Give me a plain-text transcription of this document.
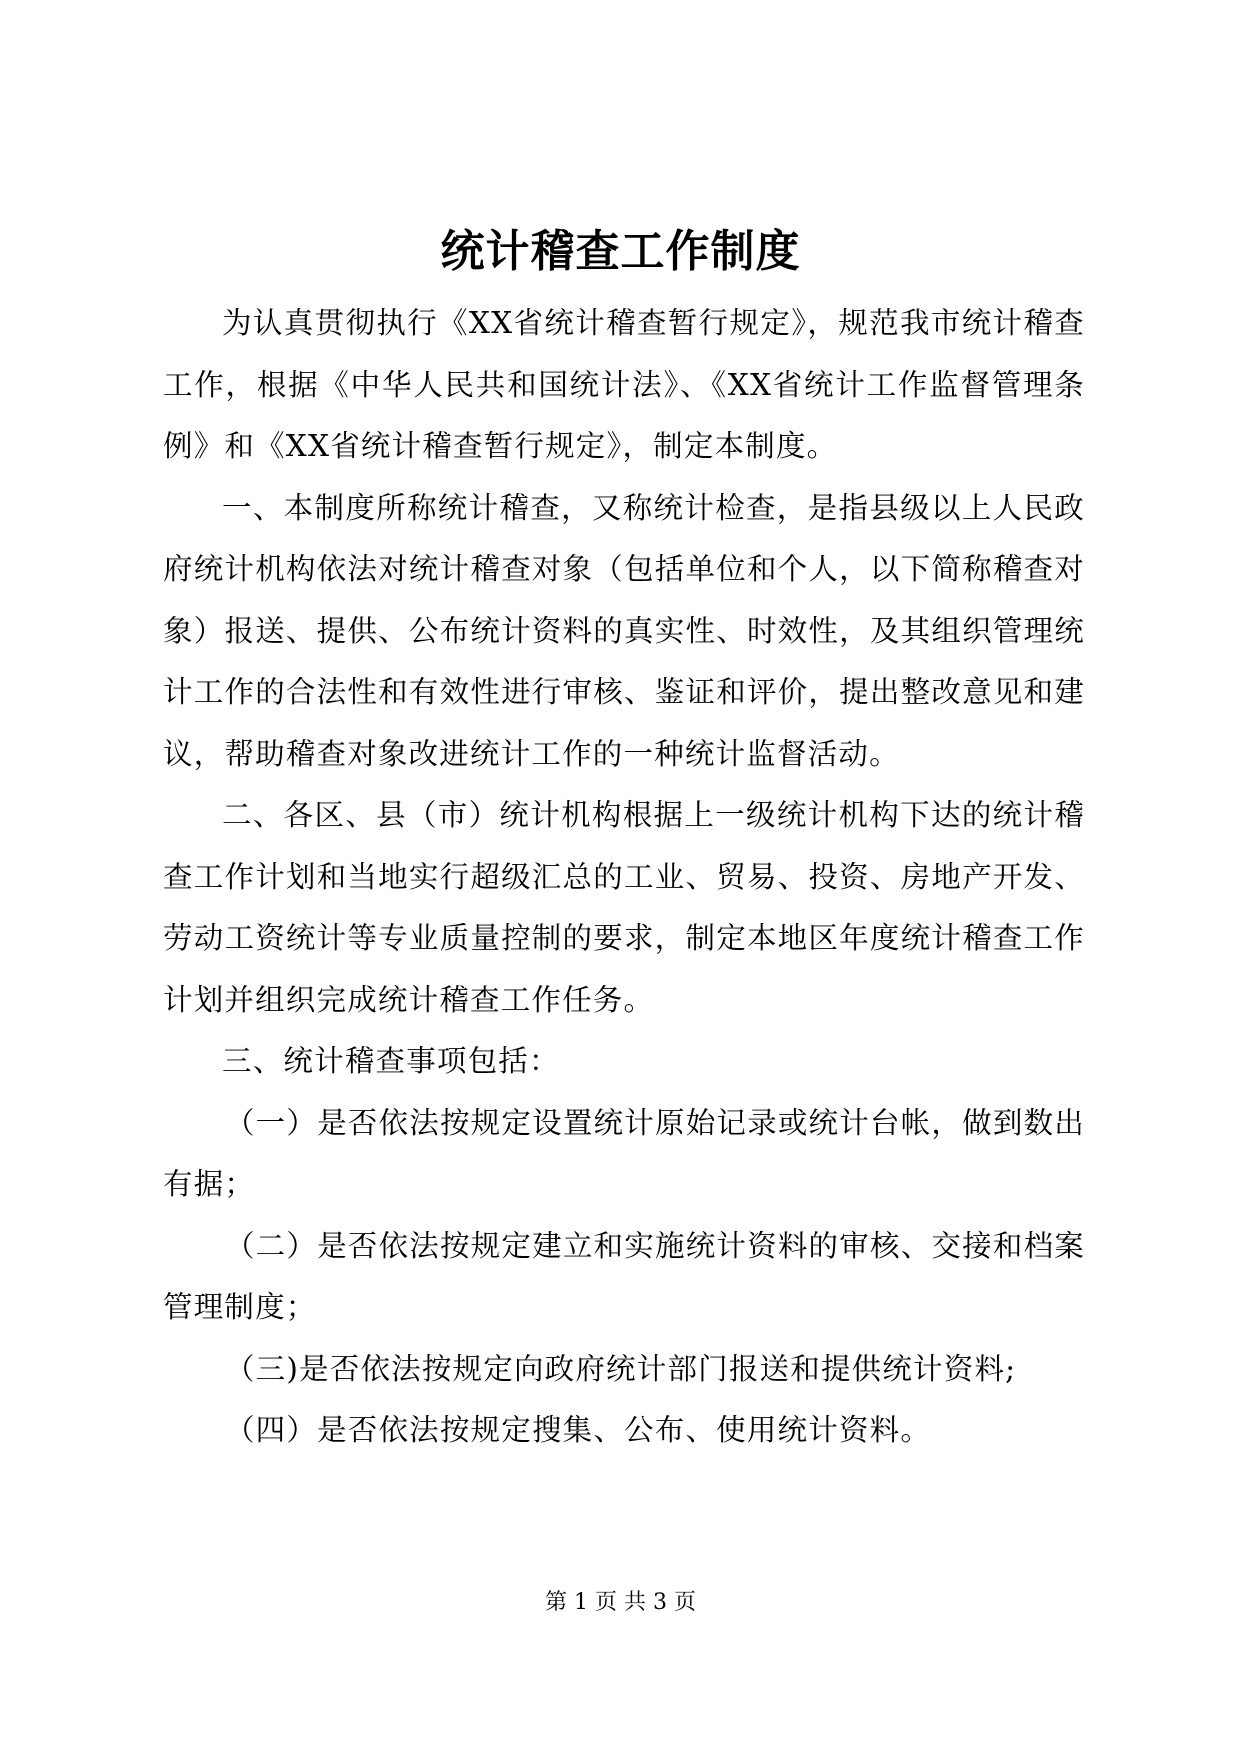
统计稽查工作制度

为认真贯彻执行《XX省统计稽查暂行规定》，规范我市统计稽查工作，根据《中华人民共和国统计法》、《XX省统计工作监督管理条例》和《XX省统计稽查暂行规定》，制定本制度。

一、本制度所称统计稽查，又称统计检查，是指县级以上人民政府统计机构依法对统计稽查对象（包括单位和个人，以下简称稽查对象）报送、提供、公布统计资料的真实性、时效性，及其组织管理统计工作的合法性和有效性进行审核、鉴证和评价，提出整改意见和建议，帮助稽查对象改进统计工作的一种统计监督活动。

二、各区、县（市）统计机构根据上一级统计机构下达的统计稽查工作计划和当地实行超级汇总的工业、贸易、投资、房地产开发、劳动工资统计等专业质量控制的要求，制定本地区年度统计稽查工作计划并组织完成统计稽查工作任务。

三、统计稽查事项包括：

（一）是否依法按规定设置统计原始记录或统计台帐，做到数出有据；

（二）是否依法按规定建立和实施统计资料的审核、交接和档案管理制度；

（三)是否依法按规定向政府统计部门报送和提供统计资料;

（四）是否依法按规定搜集、公布、使用统计资料。

第 1 页 共 3 页
